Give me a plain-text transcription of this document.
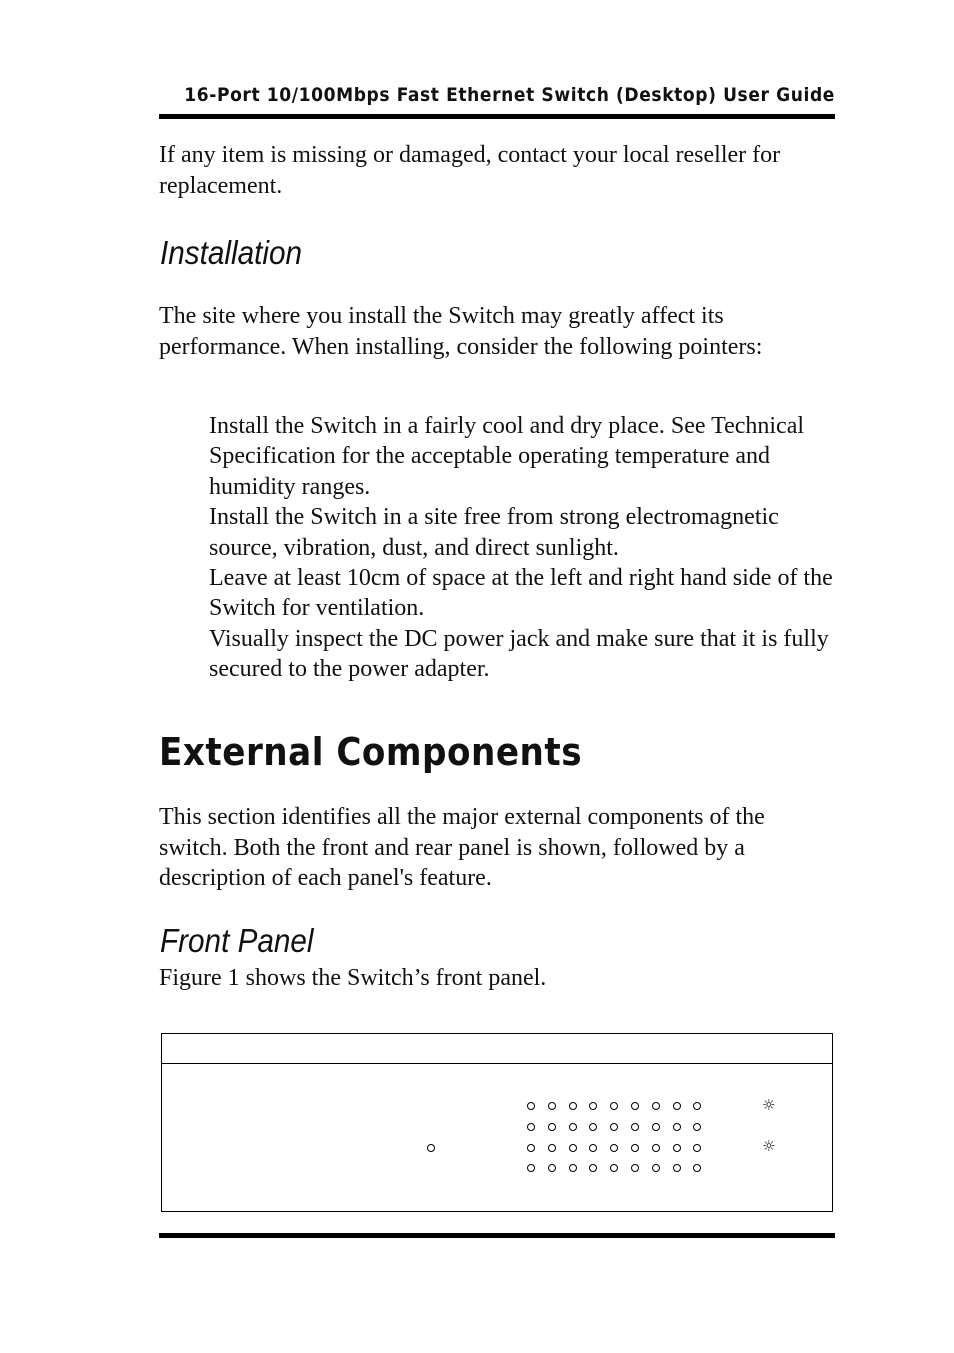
16-Port 10/100Mbps Fast Ethernet Switch (Desktop) User Guide

If any item is missing or damaged, contact your local reseller for replacement.

Installation

The site where you install the Switch may greatly affect its performance. When installing, consider the following pointers:

Install the Switch in a fairly cool and dry place. See Technical Specification for the acceptable operating temperature and humidity ranges.
Install the Switch in a site free from strong electromagnetic source, vibration, dust, and direct sunlight.
Leave at least 10cm of space at the left and right hand side of the Switch for ventilation.
Visually inspect the DC power jack and make sure that it is fully secured to the power adapter.
External Components

This section identifies all the major external components of the switch. Both the front and rear panel is shown, followed by a description of each panel's feature.

Front Panel

Figure 1 shows the Switch’s front panel.

☼
☼
